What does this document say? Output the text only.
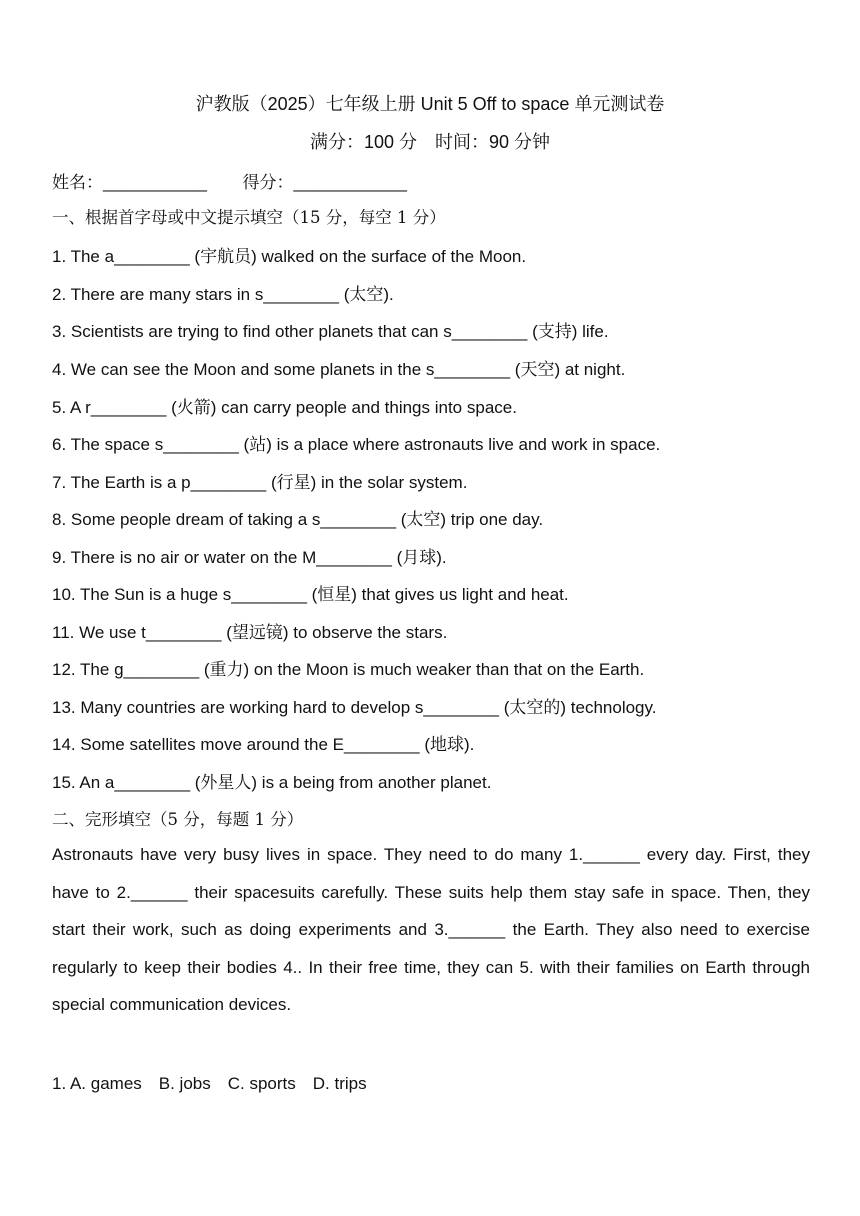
沪教版（2025）七年级上册 Unit 5 Off to space 单元测试卷
满分：100 分　时间：90 分钟
姓名：___________ 得分：____________
一、根据首字母或中文提示填空（15 分，每空 1 分）
1. The a________ (宇航员) walked on the surface of the Moon.
2. There are many stars in s________ (太空).
3. Scientists are trying to find other planets that can s________ (支持) life.
4. We can see the Moon and some planets in the s________ (天空) at night.
5. A r________ (火箭) can carry people and things into space.
6. The space s________ (站) is a place where astronauts live and work in space.
7. The Earth is a p________ (行星) in the solar system.
8. Some people dream of taking a s________ (太空) trip one day.
9. There is no air or water on the M________ (月球).
10. The Sun is a huge s________ (恒星) that gives us light and heat.
11. We use t________ (望远镜) to observe the stars.
12. The g________ (重力) on the Moon is much weaker than that on the Earth.
13. Many countries are working hard to develop s________ (太空的) technology.
14. Some satellites move around the E________ (地球).
15. An a________ (外星人) is a being from another planet.
二、完形填空（5 分，每题 1 分）
Astronauts have very busy lives in space. They need to do many 1.______ every day. First, they have to 2.______ their spacesuits carefully. These suits help them stay safe in space. Then, they start their work, such as doing experiments and 3.______ the Earth. They also need to exercise regularly to keep their bodies 4.. In their free time, they can 5. with their families on Earth through special communication devices.
1. A. games　B. jobs　C. sports　D. trips
